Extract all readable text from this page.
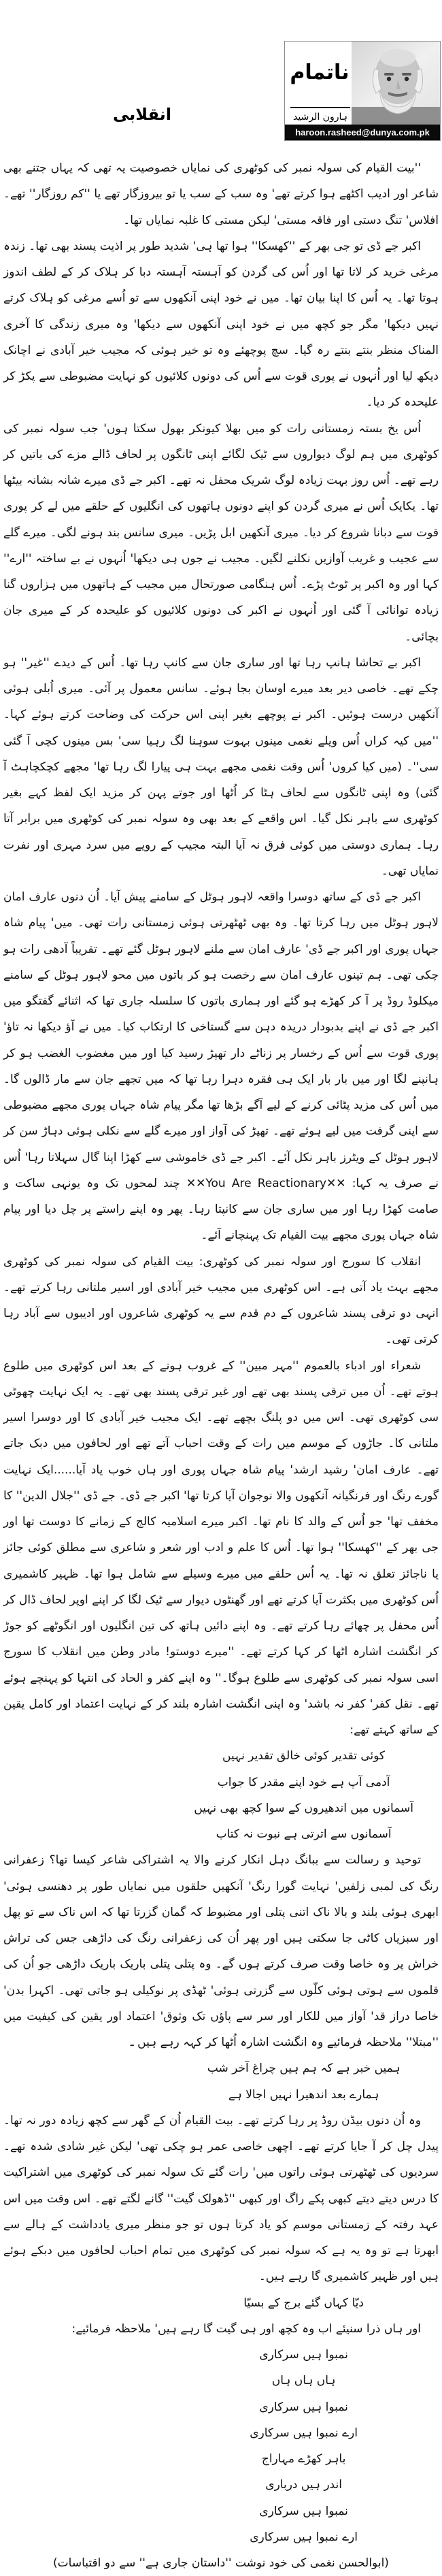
ناتمام
ہارون الرشید
haroon.rasheed@dunya.com.pk
انقلابی

''بیت القیام کی سولہ نمبر کی کوٹھری کی نمایاں خصوصیت یہ تھی کہ یہاں جتنے بھی شاعر اور ادیب اکٹھے ہوا کرتے تھے' وہ سب کے سب یا تو بیروزگار تھے یا ''کم روزگار'' تھے۔ افلاس' تنگ دستی اور فاقہ مستی' لیکن مستی کا غلبہ نمایاں تھا۔

اکبر جے ڈی تو جی بھر کے ''کھسکا'' ہوا تھا ہی' شدید طور پر اذیت پسند بھی تھا۔ زندہ مرغی خرید کر لاتا تھا اور اُس کی گردن کو آہستہ آہستہ دبا کر ہلاک کر کے لطف اندوز ہوتا تھا۔ یہ اُس کا اپنا بیان تھا۔ میں نے خود اپنی آنکھوں سے تو اُسے مرغی کو ہلاک کرتے نہیں دیکھا' مگر جو کچھ میں نے خود اپنی آنکھوں سے دیکھا' وہ میری زندگی کا آخری المناک منظر بنتے بنتے رہ گیا۔ سچ پوچھئے وہ تو خیر ہوئی کہ مجیب خیر آبادی نے اچانک دیکھ لیا اور اُنہوں نے پوری قوت سے اُس کی دونوں کلائیوں کو نہایت مضبوطی سے پکڑ کر علیحدہ کر دیا۔

اُس یخ بستہ زمستانی رات کو میں بھلا کیونکر بھول سکتا ہوں' جب سولہ نمبر کی کوٹھری میں ہم لوگ دیواروں سے ٹیک لگائے اپنی ٹانگوں پر لحاف ڈالے مزے کی باتیں کر رہے تھے۔ اُس روز بہت زیادہ لوگ شریک محفل نہ تھے۔ اکبر جے ڈی میرے شانہ بشانہ بیٹھا تھا۔ یکایک اُس نے میری گردن کو اپنے دونوں ہاتھوں کی انگلیوں کے حلقے میں لے کر پوری قوت سے دبانا شروع کر دیا۔ میری آنکھیں ابل پڑیں۔ میری سانس بند ہونے لگی۔ میرے گلے سے عجیب و غریب آوازیں نکلنے لگیں۔ مجیب نے جوں ہی دیکھا' اُنہوں نے بے ساختہ ''ارے'' کہا اور وہ اکبر پر ٹوٹ پڑے۔ اُس ہنگامی صورتحال میں مجیب کے ہاتھوں میں ہزاروں گنا زیادہ توانائی آ گئی اور اُنہوں نے اکبر کی دونوں کلائیوں کو علیحدہ کر کے میری جان بچائی۔

اکبر بے تحاشا ہانپ رہا تھا اور ساری جان سے کانپ رہا تھا۔ اُس کے دیدے ''غیر'' ہو چکے تھے۔ خاصی دیر بعد میرے اوسان بجا ہوئے۔ سانس معمول پر آئی۔ میری اُبلی ہوئی آنکھیں درست ہوئیں۔ اکبر نے پوچھے بغیر اپنی اس حرکت کی وضاحت کرتے ہوئے کہا۔ ''میں کیہ کراں اُس ویلے نغمی مینوں بہوت سوہنا لگ رہیا سی' بس مینوں کچی آ گئی سی''۔ (میں کیا کروں' اُس وقت نغمی مجھے بہت ہی پیارا لگ رہا تھا' مجھے کچکچاہٹ آ گئی) وہ اپنی ٹانگوں سے لحاف ہٹا کر اُٹھا اور جوتے پہن کر مزید ایک لفظ کہے بغیر کوٹھری سے باہر نکل گیا۔ اس واقعے کے بعد بھی وہ سولہ نمبر کی کوٹھری میں برابر آتا رہا۔ ہماری دوستی میں کوئی فرق نہ آیا البتہ مجیب کے رویے میں سرد مہری اور نفرت نمایاں تھی۔

اکبر جے ڈی کے ساتھ دوسرا واقعہ لاہور ہوٹل کے سامنے پیش آیا۔ اُن دنوں عارف امان لاہور ہوٹل میں رہا کرتا تھا۔ وہ بھی ٹھٹھرتی ہوئی زمستانی رات تھی۔ میں' پیام شاہ جہاں پوری اور اکبر جے ڈی' عارف امان سے ملنے لاہور ہوٹل گئے تھے۔ تقریباً آدھی رات ہو چکی تھی۔ ہم تینوں عارف امان سے رخصت ہو کر باتوں میں محو لاہور ہوٹل کے سامنے میکلوڈ روڈ پر آ کر کھڑے ہو گئے اور ہماری باتوں کا سلسلہ جاری تھا کہ اثنائے گفتگو میں اکبر جے ڈی نے اپنے بدبودار دریدہ دہن سے گستاخی کا ارتکاب کیا۔ میں نے آؤ دیکھا نہ تاؤ' پوری قوت سے اُس کے رخسار پر زناٹے دار تھپڑ رسید کیا اور میں مغضوب الغضب ہو کر ہانپنے لگا اور میں بار بار ایک ہی فقرہ دہرا رہا تھا کہ میں تجھے جان سے مار ڈالوں گا۔ میں اُس کی مزید پٹائی کرنے کے لیے آگے بڑھا تھا مگر پیام شاہ جہاں پوری مجھے مضبوطی سے اپنی گرفت میں لیے ہوئے تھے۔ تھپڑ کی آواز اور میرے گلے سے نکلی ہوئی دہاڑ سن کر لاہور ہوٹل کے ویٹرز باہر نکل آئے۔ اکبر جے ڈی خاموشی سے کھڑا اپنا گال سہلاتا رہا' اُس نے صرف یہ کہا: ✕✕You Are Reactionary✕✕ چند لمحوں تک وہ یونہی ساکت و صامت کھڑا رہا اور میں ساری جان سے کانپتا رہا۔ پھر وہ اپنے راستے پر چل دیا اور پیام شاہ جہاں پوری مجھے بیت القیام تک پہنچانے آئے۔

انقلاب کا سورج اور سولہ نمبر کی کوٹھری: بیت القیام کی سولہ نمبر کی کوٹھری مجھے بہت یاد آتی ہے۔ اس کوٹھری میں مجیب خیر آبادی اور اسیر ملتانی رہا کرتے تھے۔ انہی دو ترقی پسند شاعروں کے دم قدم سے یہ کوٹھری شاعروں اور ادیبوں سے آباد رہا کرتی تھی۔

شعراء اور ادباء بالعموم ''مہر مبین'' کے غروب ہونے کے بعد اس کوٹھری میں طلوع ہوتے تھے۔ اُن میں ترقی پسند بھی تھے اور غیر ترقی پسند بھی تھے۔ یہ ایک نہایت چھوٹی سی کوٹھری تھی۔ اس میں دو پلنگ بچھے تھے۔ ایک مجیب خیر آبادی کا اور دوسرا اسیر ملتانی کا۔ جاڑوں کے موسم میں رات کے وقت احباب آتے تھے اور لحافوں میں دبک جاتے تھے۔ عارف امان' رشید ارشد' پیام شاہ جہاں پوری اور ہاں خوب یاد آیا......ایک نہایت گورے رنگ اور فرنگیانہ آنکھوں والا نوجوان آیا کرتا تھا' اکبر جے ڈی۔ جے ڈی ''جلال الدین'' کا مخفف تھا' جو اُس کے والد کا نام تھا۔ اکبر میرے اسلامیہ کالج کے زمانے کا دوست تھا اور جی بھر کے ''کھسکا'' ہوا تھا۔ اُس کا علم و ادب اور شعر و شاعری سے مطلق کوئی جائز یا ناجائز تعلق نہ تھا۔ یہ اُس حلقے میں میرے وسیلے سے شامل ہوا تھا۔ ظہیر کاشمیری اُس کوٹھری میں بکثرت آیا کرتے تھے اور گھنٹوں دیوار سے ٹیک لگا کر اپنے اوپر لحاف ڈال کر اُس محفل پر چھائے رہا کرتے تھے۔ وہ اپنے دائیں ہاتھ کی تین انگلیوں اور انگوٹھے کو جوڑ کر انگشت اشارہ اٹھا کر کہا کرتے تھے۔ ''میرے دوستو! مادر وطن میں انقلاب کا سورج اسی سولہ نمبر کی کوٹھری سے طلوع ہوگا۔'' وہ اپنے کفر و الحاد کی انتہا کو پہنچے ہوئے تھے۔ نقل کفر' کفر نہ باشد' وہ اپنی انگشت اشارہ بلند کر کے نہایت اعتماد اور کامل یقین کے ساتھ کہتے تھے:

کوئی تقدیر کوئی خالق تقدیر نہیں

آدمی آپ ہے خود اپنے مقدر کا جواب

آسمانوں میں اندھیروں کے سوا کچھ بھی نہیں

آسمانوں سے اترتی ہے نبوت نہ کتاب

توحید و رسالت سے ببانگ دہل انکار کرنے والا یہ اشتراکی شاعر کیسا تھا؟ زعفرانی رنگ کی لمبی زلفیں' نہایت گورا رنگ' آنکھیں حلقوں میں نمایاں طور پر دھنسی ہوئی' ابھری ہوئی بلند و بالا ناک اتنی پتلی اور مضبوط کہ گمان گزرتا تھا کہ اس ناک سے تو پھل اور سبزیاں کاٹی جا سکتی ہیں اور پھر اُن کی زعفرانی رنگ کی داڑھی جس کی تراش خراش پر وہ خاصا وقت صرف کرتے ہوں گے۔ وہ پتلی پتلی باریک باریک داڑھی جو اُن کی قلموں سے ہوتی ہوئی کلّوں سے گزرتی ہوئی' ٹھڈی پر نوکیلی ہو جاتی تھی۔ اکہرا بدن' خاصا دراز قد' آواز میں للکار اور سر سے پاؤں تک وثوق' اعتماد اور یقین کی کیفیت میں ''مبتلا'' ملاحظہ فرمائیے وہ انگشت اشارہ اُٹھا کر کہہ رہے ہیں ـ

ہمیں خبر ہے کہ ہم ہیں چراغ آخر شب

ہمارے بعد اندھیرا نہیں اجالا ہے

وہ اُن دنوں بیڈن روڈ پر رہا کرتے تھے۔ بیت القیام اُن کے گھر سے کچھ زیادہ دور نہ تھا۔ پیدل چل کر آ جایا کرتے تھے۔ اچھی خاصی عمر ہو چکی تھی' لیکن غیر شادی شدہ تھے۔ سردیوں کی ٹھٹھرتی ہوئی راتوں میں' رات گئے تک سولہ نمبر کی کوٹھری میں اشتراکیت کا درس دیتے دیتے کبھی پکے راگ اور کبھی ''ڈھولک گیت'' گانے لگتے تھے۔ اس وقت میں اس عہد رفتہ کے زمستانی موسم کو یاد کرتا ہوں تو جو منظر میری یادداشت کے ہالے سے ابھرتا ہے تو وہ یہ ہے کہ سولہ نمبر کی کوٹھری میں تمام احباب لحافوں میں دبکے ہوئے ہیں اور ظہیر کاشمیری گا رہے ہیں۔

دیّا کہاں گئے برج کے بسیّا

اور ہاں ذرا سنیئے اب وہ کچھ اور ہی گیت گا رہے ہیں' ملاحظہ فرمائیے:

نمبوا ہیں سرکاری

ہاں ہاں ہاں

نمبوا ہیں سرکاری

ارے نمبوا ہیں سرکاری

باہر کھڑے مہاراج

اندر ہیں درباری

نمبوا ہیں سرکاری

ارے نمبوا ہیں سرکاری

(ابوالحسن نغمی کی خود نوشت ''داستان جاری ہے'' سے دو اقتباسات)
